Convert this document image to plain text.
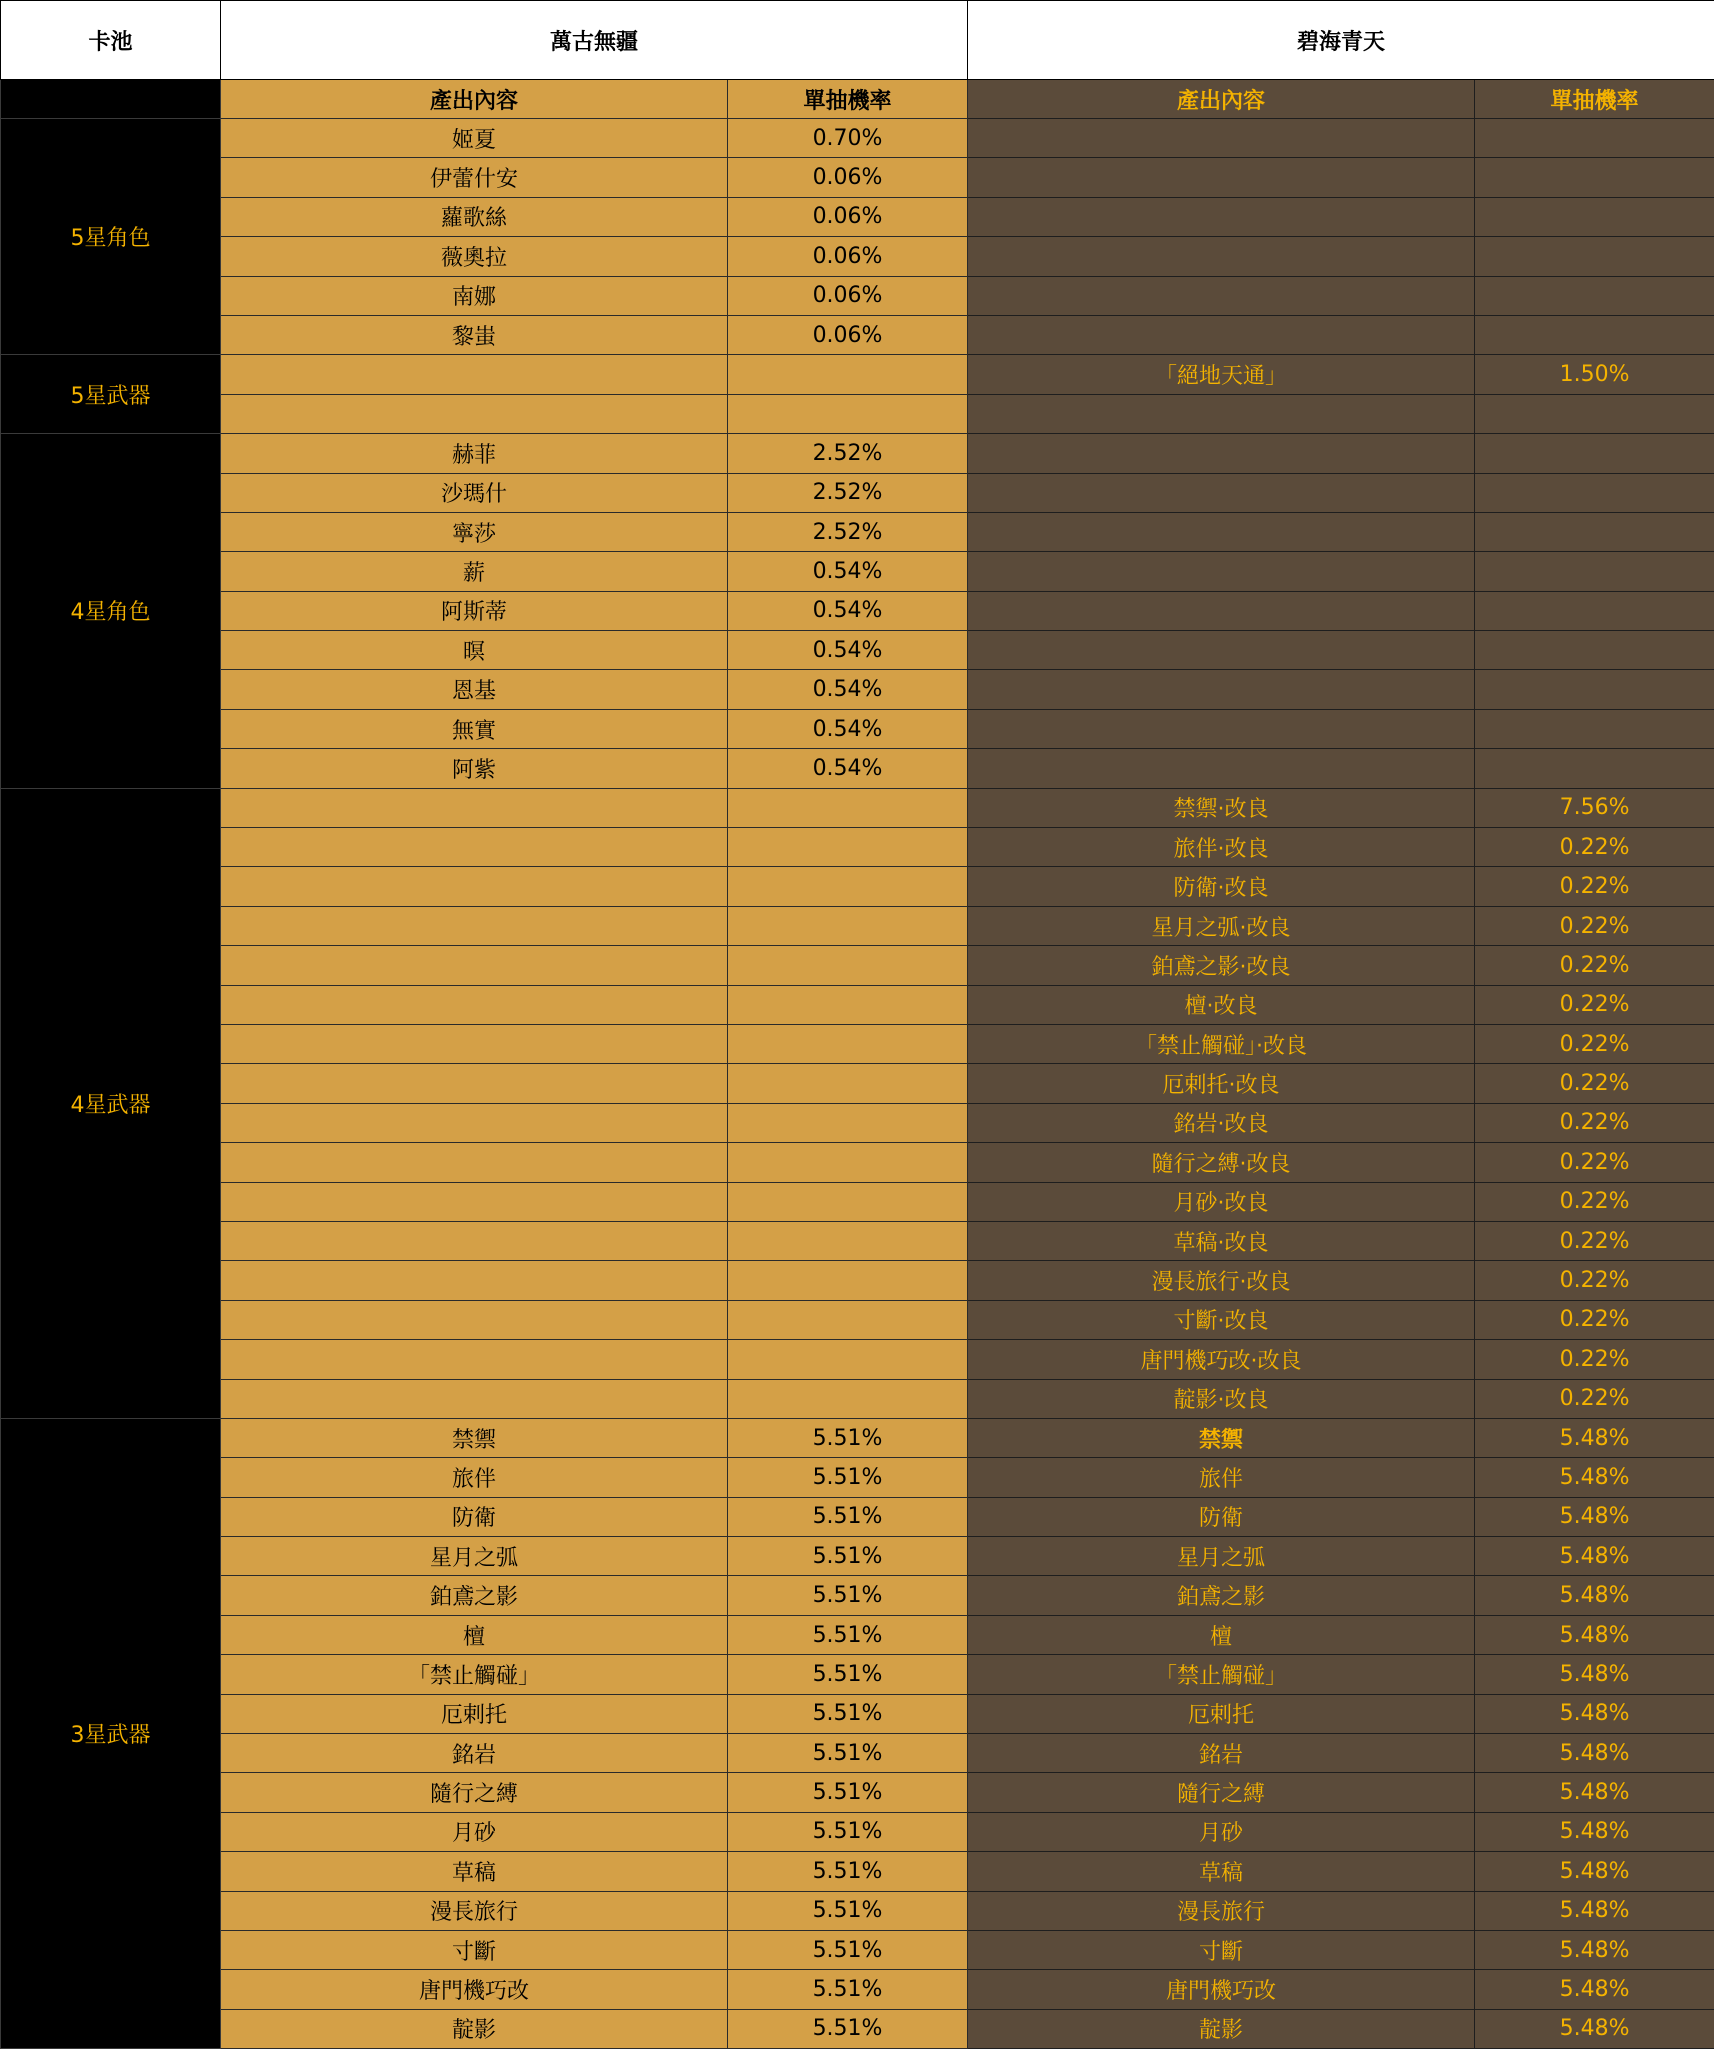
卡池	萬古無疆		碧海青天	
	產出內容	單抽機率	產出內容	單抽機率
5星角色	姬夏	0.70%		
	伊蕾什安	0.06%		
	蘿歌絲	0.06%		
	薇奧拉	0.06%		
	南娜	0.06%		
	黎蚩	0.06%		
5星武器			「絕地天通」	1.50%

4星角色	赫菲	2.52%		
	沙瑪什	2.52%		
	寧莎	2.52%		
	薪	0.54%		
	阿斯蒂	0.54%		
	暝	0.54%		
	恩基	0.54%		
	無實	0.54%		
	阿紫	0.54%		
4星武器			禁禦·改良	7.56%
			旅伴·改良	0.22%
			防衛·改良	0.22%
			星月之弧·改良	0.22%
			鉑鳶之影·改良	0.22%
			檀·改良	0.22%
			「禁止觸碰」·改良	0.22%
			厄剌托·改良	0.22%
			銘岩·改良	0.22%
			隨行之縛·改良	0.22%
			月砂·改良	0.22%
			草稿·改良	0.22%
			漫長旅行·改良	0.22%
			寸斷·改良	0.22%
			唐門機巧改·改良	0.22%
			靛影·改良	0.22%
3星武器	禁禦	5.51%	禁禦	5.48%
	旅伴	5.51%	旅伴	5.48%
	防衛	5.51%	防衛	5.48%
	星月之弧	5.51%	星月之弧	5.48%
	鉑鳶之影	5.51%	鉑鳶之影	5.48%
	檀	5.51%	檀	5.48%
	「禁止觸碰」	5.51%	「禁止觸碰」	5.48%
	厄剌托	5.51%	厄剌托	5.48%
	銘岩	5.51%	銘岩	5.48%
	隨行之縛	5.51%	隨行之縛	5.48%
	月砂	5.51%	月砂	5.48%
	草稿	5.51%	草稿	5.48%
	漫長旅行	5.51%	漫長旅行	5.48%
	寸斷	5.51%	寸斷	5.48%
	唐門機巧改	5.51%	唐門機巧改	5.48%
	靛影	5.51%	靛影	5.48%
